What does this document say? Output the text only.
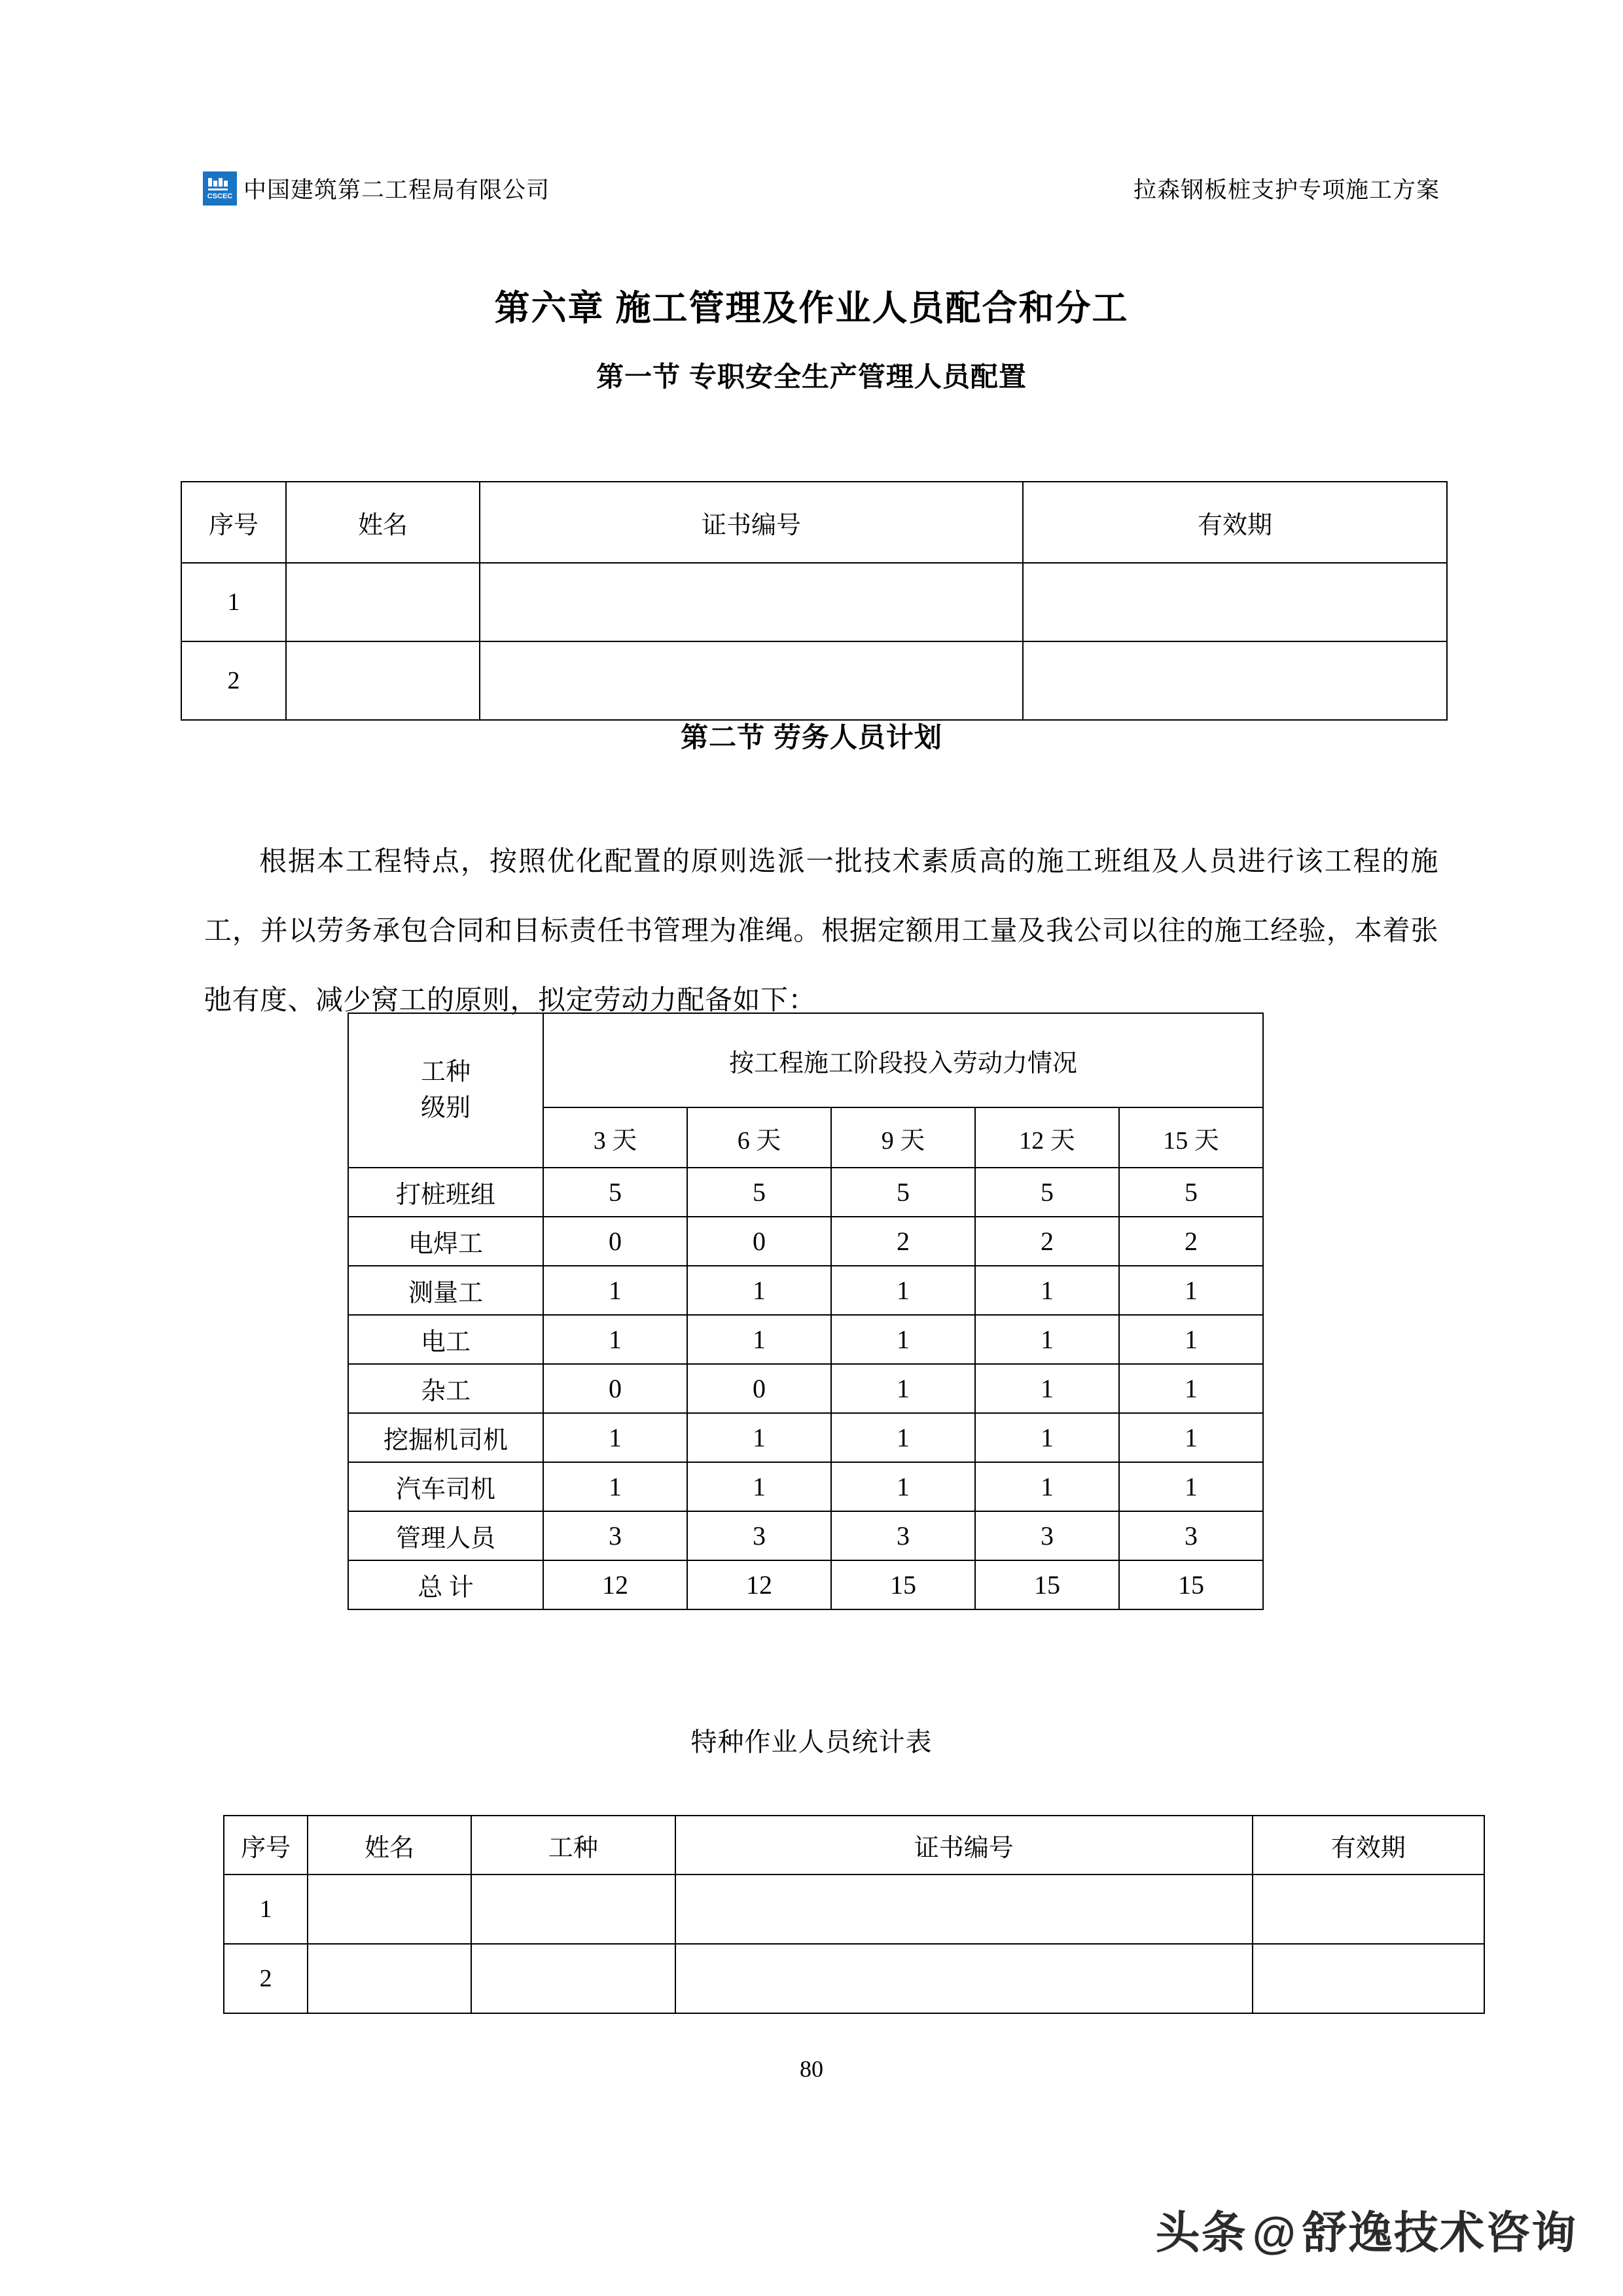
CSCEC 中国建筑第二工程局有限公司	拉森钢板桩支护专项施工方案
第六章 施工管理及作业人员配合和分工
第一节 专职安全生产管理人员配置
序号	姓名	证书编号	有效期
1			
2			
第二节 劳务人员计划

根据本工程特点，按照优化配置的原则选派一批技术素质高的施工班组及人员进行该工程的施工，并以劳务承包合同和目标责任书管理为准绳。根据定额用工量及我公司以往的施工经验，本着张弛有度、减少窝工的原则，拟定劳动力配备如下：

工种
级别	按工程施工阶段投入劳动力情况				
	3 天	6 天	9 天	12 天	15 天
打桩班组	5	5	5	5	5
电焊工	0	0	2	2	2
测量工	1	1	1	1	1
电工	1	1	1	1	1
杂工	0	0	1	1	1
挖掘机司机	1	1	1	1	1
汽车司机	1	1	1	1	1
管理人员	3	3	3	3	3
总 计	12	12	15	15	15
特种作业人员统计表
序号	姓名	工种	证书编号	有效期
1				
2				
80
头条 @ 舒逸技术咨询
